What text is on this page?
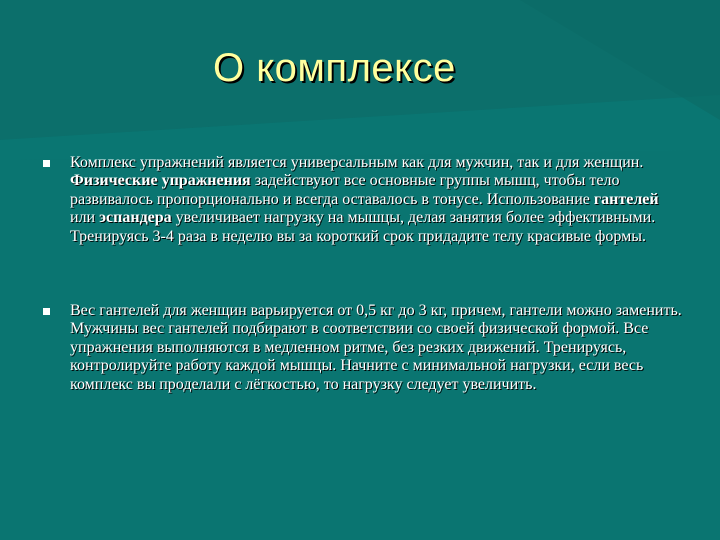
О комплексе
Комплекс упражнений является универсальным как для мужчин, так и для женщин. Физические упражнения задействуют все основные группы мышц, чтобы тело развивалось пропорционально и всегда оставалось в тонусе. Использование гантелей или эспандера увеличивает нагрузку на мышцы, делая занятия более эффективными. Тренируясь 3-4 раза в неделю вы за короткий срок придадите телу красивые формы.
Вес гантелей для женщин варьируется от 0,5 кг до 3 кг, причем, гантели можно заменить. Мужчины вес гантелей подбирают в соответствии со своей физической формой. Все упражнения выполняются в медленном ритме, без резких движений. Тренируясь, контролируйте работу каждой мышцы. Начните с минимальной нагрузки, если весь комплекс вы проделали с лёгкостью, то нагрузку следует увеличить.
